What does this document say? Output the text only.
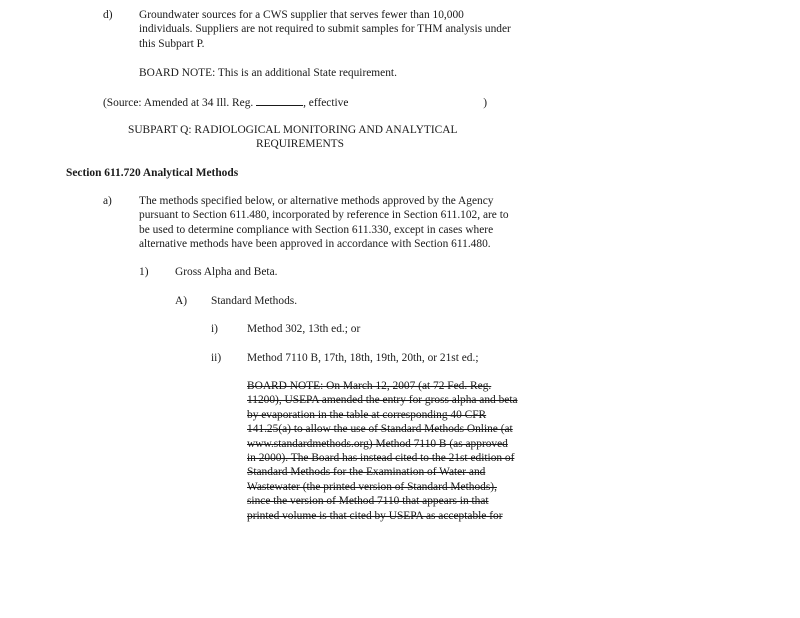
d) Groundwater sources for a CWS supplier that serves fewer than 10,000
individuals. Suppliers are not required to submit samples for THM analysis under
this Subpart P.
BOARD NOTE: This is an additional State requirement.
(Source: Amended at 34 Ill. Reg.	, effective	)
SUBPART Q: RADIOLOGICAL MONITORING AND ANALYTICAL
REQUIREMENTS
Section 611.720 Analytical Methods
a) The methods specified below, or alternative methods approved by the Agency
pursuant to Section 611.480, incorporated by reference in Section 611.102, are to
be used to determine compliance with Section 611.330, except in cases where
alternative methods have been approved in accordance with Section 611.480.
1) Gross Alpha and Beta.
A) Standard Methods.
i)	Method 302, 13th ed.; or
ii) Method 7110 B, 17th, 18th, 19th, 20th, or 21st ed.;
BOARD NOTE: On March 12, 2007 (at 72 Fed. Reg.
11200), USEPA amended the entry for gross alpha and beta
by evaporation in the table at corresponding 40 CFR
141.25(a) to allow the use of Standard Methods Online (at
www.standardmethods.org) Method 7110 B (as approved
in 2000). The Board has instead cited to the 21st edition of
Standard Methods for the Examination of Water and
Wastewater (the printed version of Standard Methods),
since the version of Method 7110 that appears in that
printed volume is that cited by USEPA as acceptable for
